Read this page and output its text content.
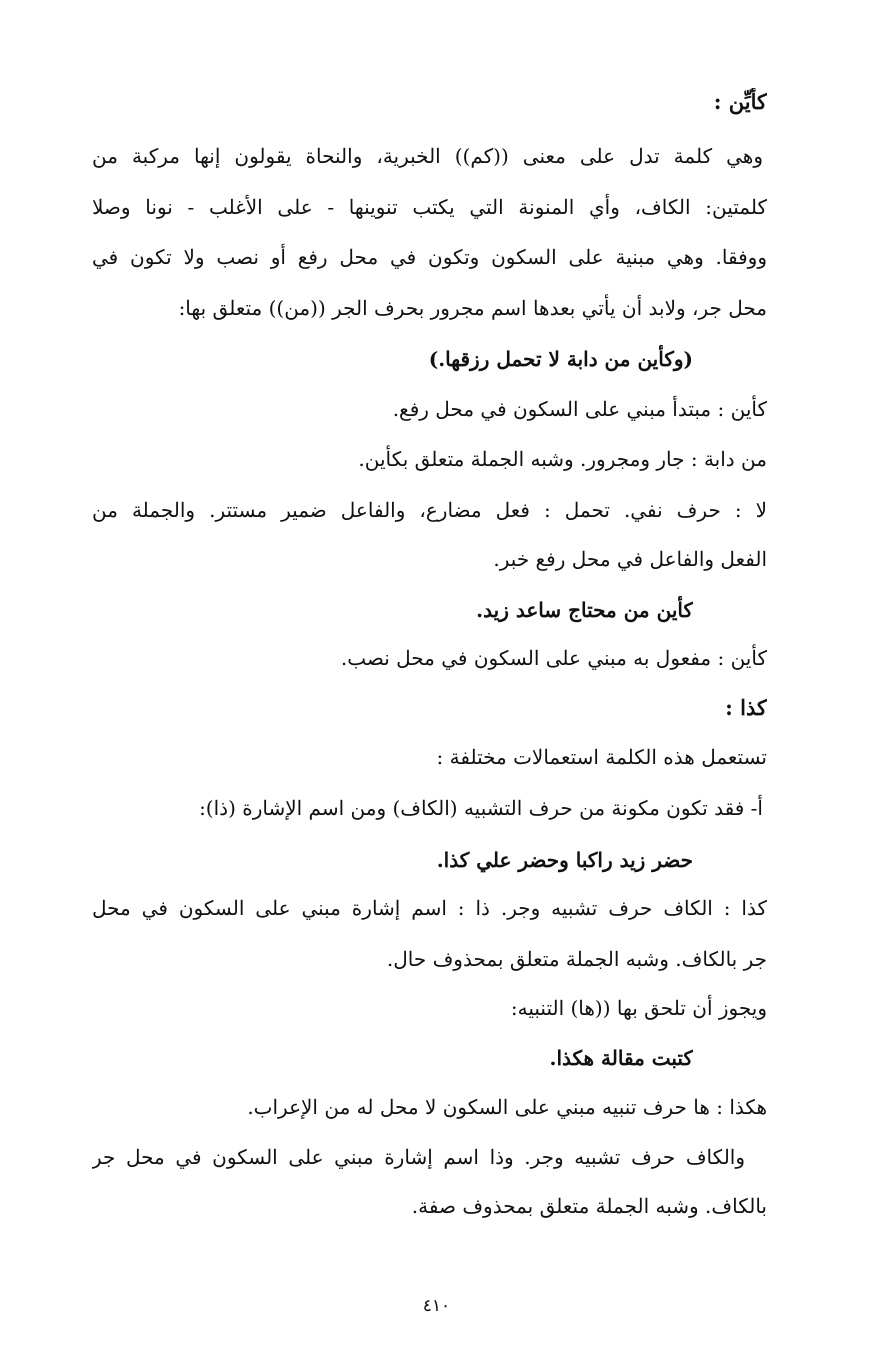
كأيِّن :
وهي كلمة تدل على معنى ((كم)) الخبرية، والنحاة يقولون إنها مركبة من
كلمتين: الكاف، وأي المنونة التي يكتب تنوينها - على الأغلب - نونا وصلا
ووفقا. وهي مبنية على السكون وتكون في محل رفع أو نصب ولا تكون في
محل جر، ولابد أن يأتي بعدها اسم مجرور بحرف الجر ((من)) متعلق بها:
(وكأين من دابة لا تحمل رزقها.)
كأين : مبتدأ مبني على السكون في محل رفع.
من دابة : جار ومجرور. وشبه الجملة متعلق بكأين.
لا : حرف نفي. تحمل : فعل مضارع، والفاعل ضمير مستتر. والجملة من
الفعل والفاعل في محل رفع خبر.
كأين من محتاج ساعد زيد.
كأين : مفعول به مبني على السكون في محل نصب.
كذا :
تستعمل هذه الكلمة استعمالات مختلفة :
أ- فقد تكون مكونة من حرف التشبيه (الكاف) ومن اسم الإشارة (ذا):
حضر زيد راكبا وحضر علي كذا.
كذا : الكاف حرف تشبيه وجر. ذا : اسم إشارة مبني على السكون في محل
جر بالكاف. وشبه الجملة متعلق بمحذوف حال.
ويجوز أن تلحق بها ((ها) التنبيه:
كتبت مقالة هكذا.
هكذا : ها حرف تنبيه مبني على السكون لا محل له من الإعراب.
والكاف حرف تشبيه وجر. وذا اسم إشارة مبني على السكون في محل جر
بالكاف. وشبه الجملة متعلق بمحذوف صفة.
٤١٠
